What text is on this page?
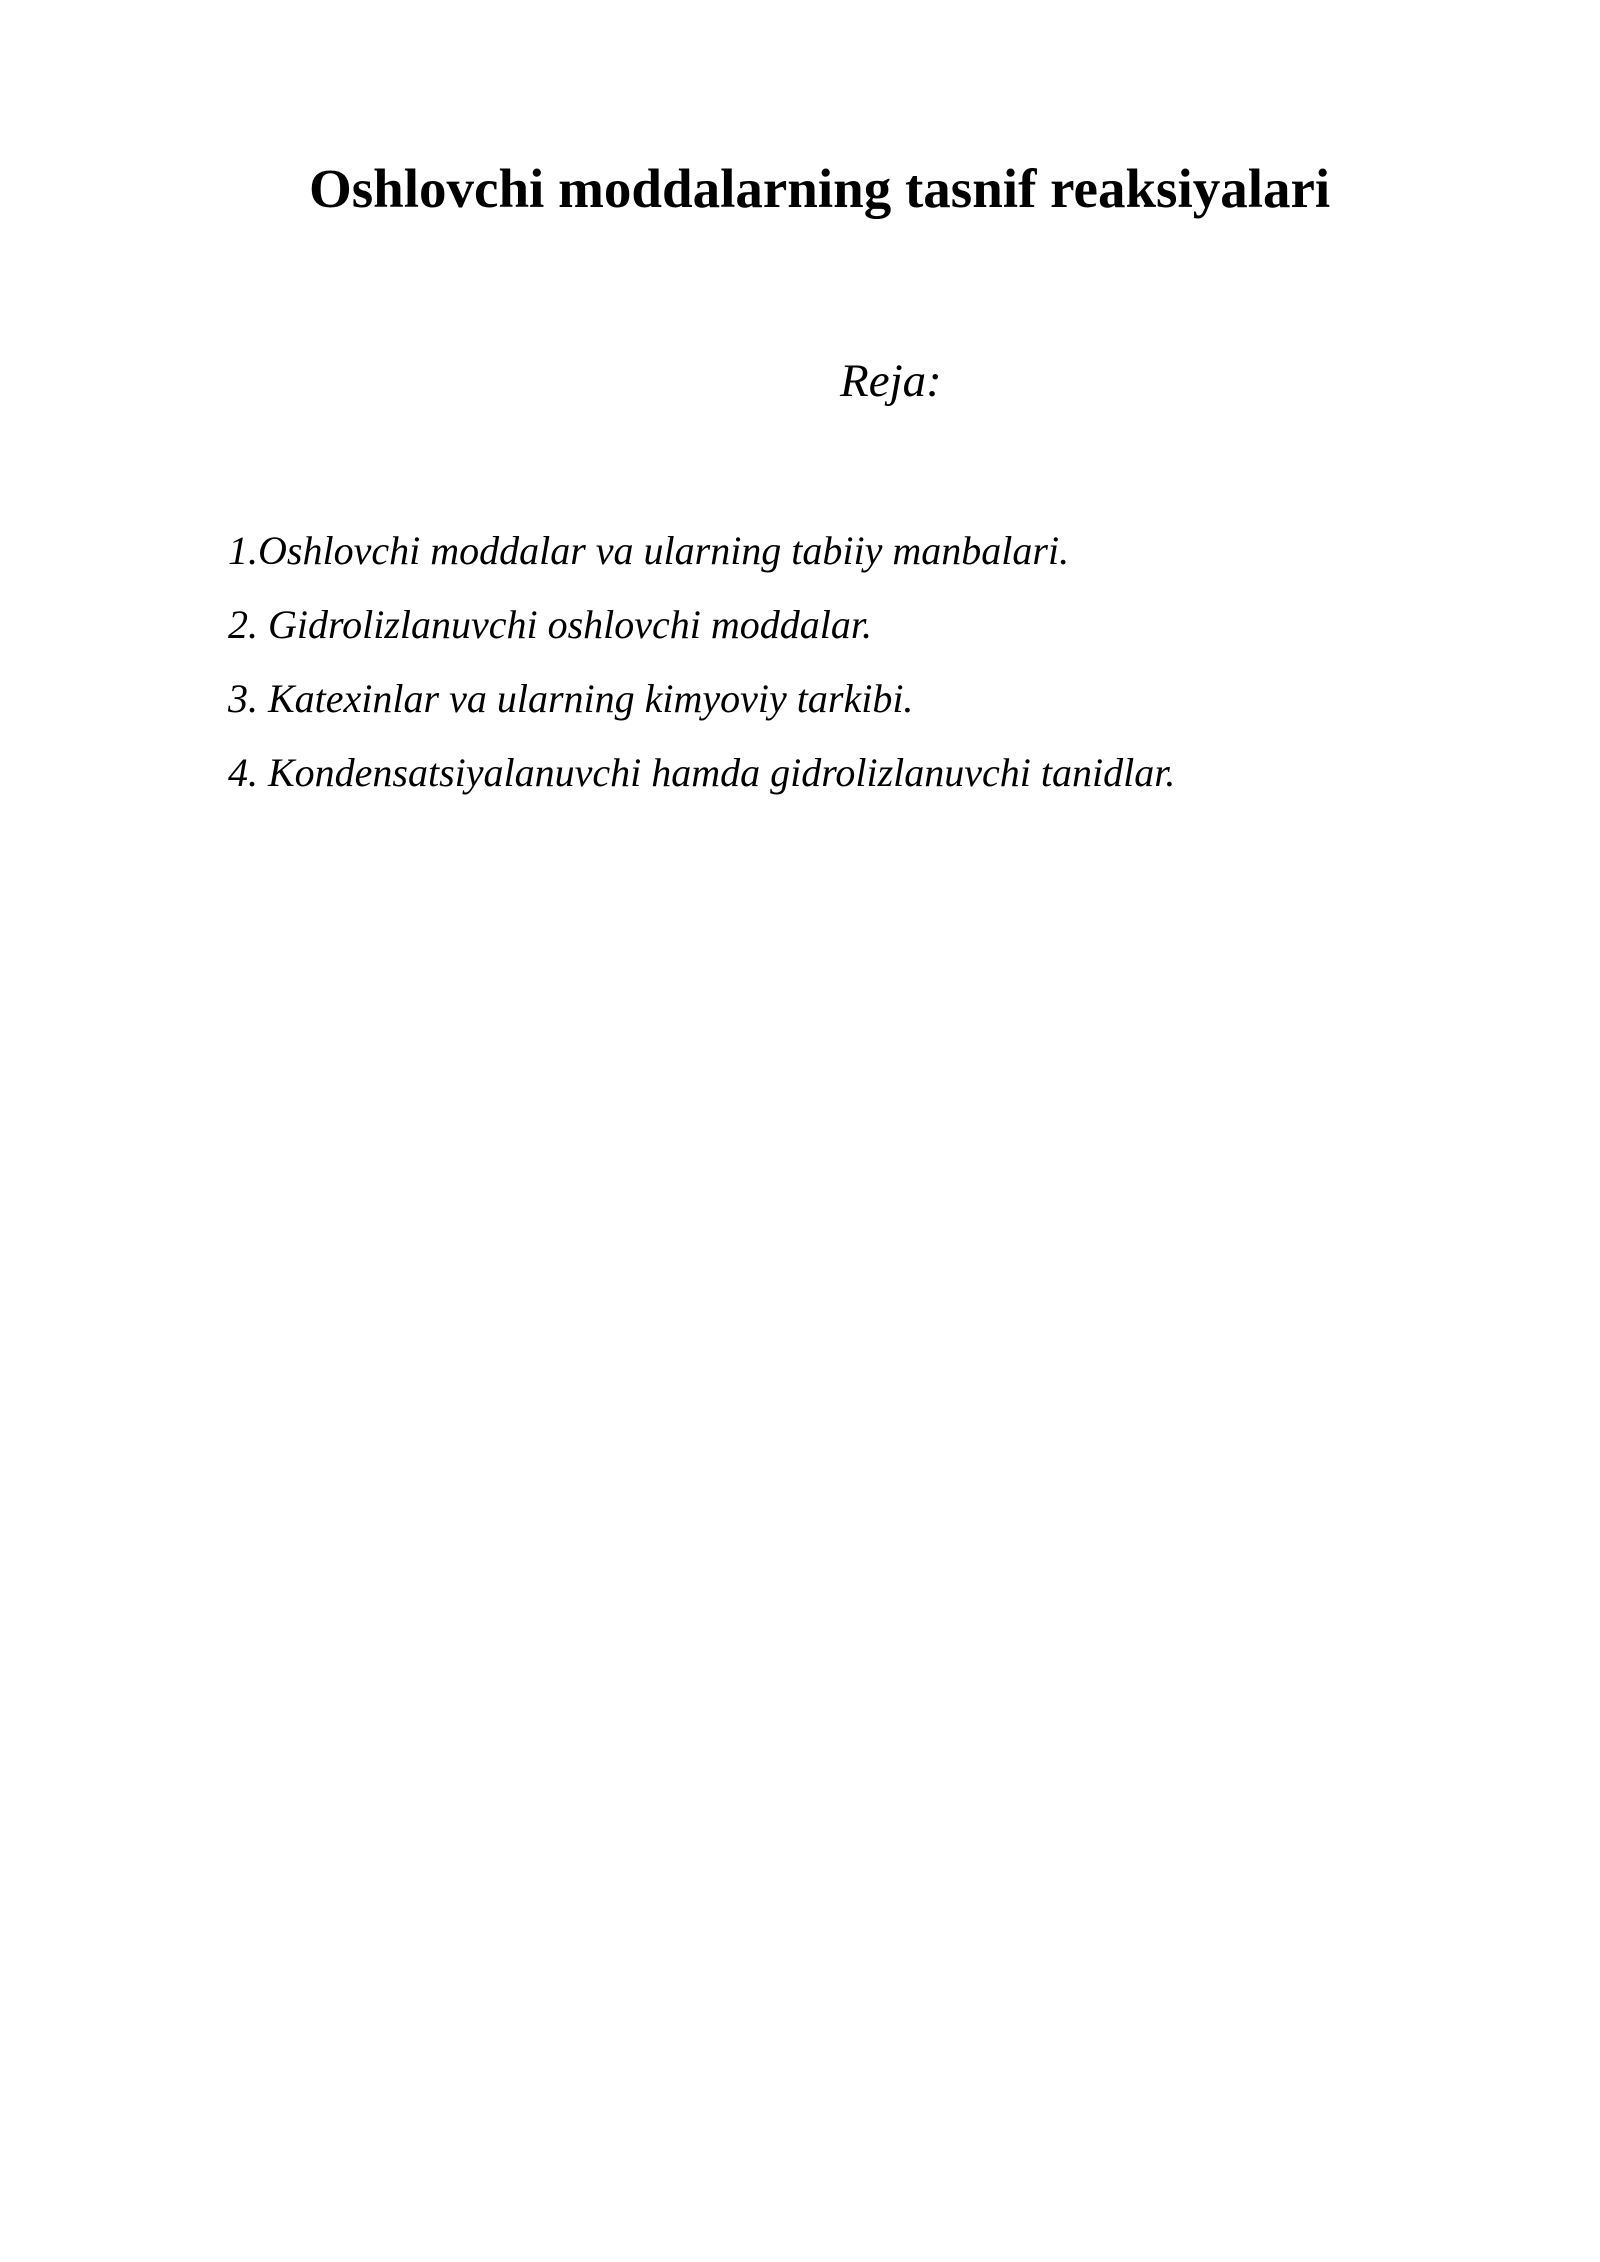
Oshlovchi moddalarning tasnif reaksiyalari
Reja:
1.Oshlovchi moddalar va ularning tabiiy manbalari.
2. Gidrolizlanuvchi oshlovchi moddalar.
3. Katexinlar va ularning kimyoviy tarkibi.
4. Kondensatsiyalanuvchi hamda gidrolizlanuvchi tanidlar.
